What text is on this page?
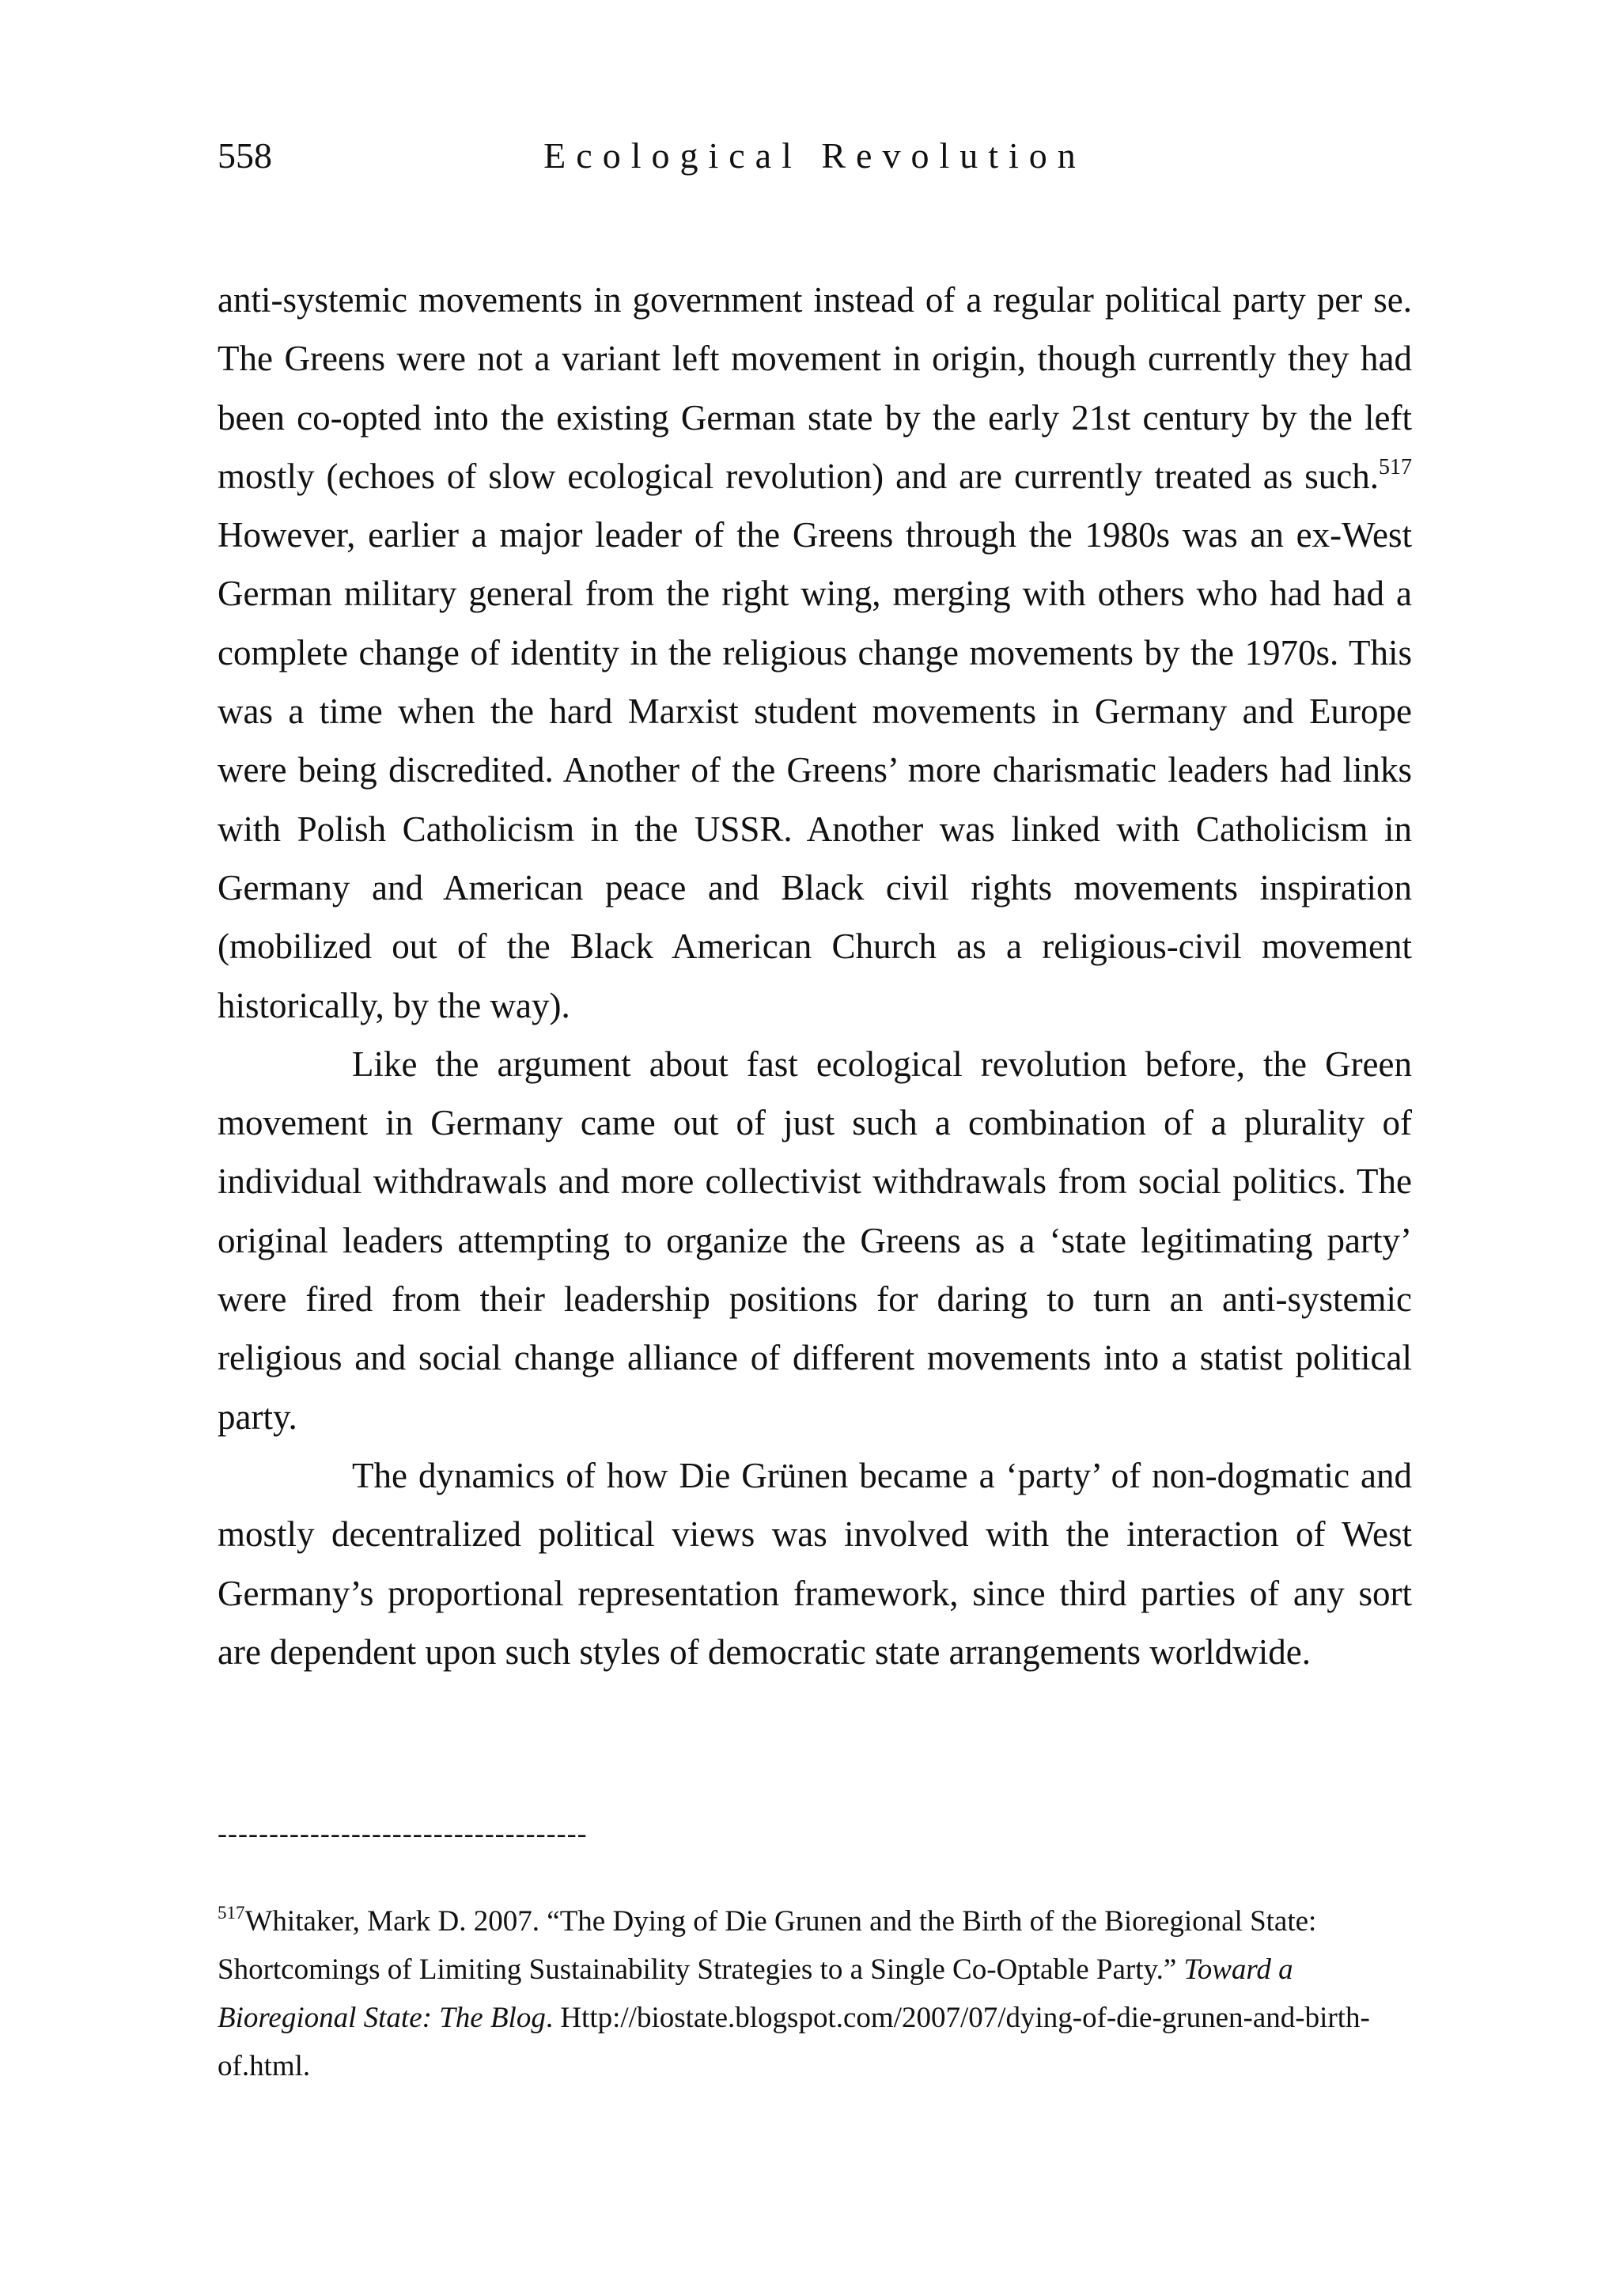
558	Ecological Revolution

anti-systemic movements in government instead of a regular political party per se. The Greens were not a variant left movement in origin, though currently they had been co-opted into the existing German state by the early 21st century by the left mostly (echoes of slow ecological revolution) and are currently treated as such.$^{517}$ However, earlier a major leader of the Greens through the 1980s was an ex-West German military general from the right wing, merging with others who had had a complete change of identity in the religious change movements by the 1970s. This was a time when the hard Marxist student movements in Germany and Europe were being discredited. Another of the Greens’ more charismatic leaders had links with Polish Catholicism in the USSR. Another was linked with Catholicism in Germany and American peace and Black civil rights movements inspiration (mobilized out of the Black American Church as a religious-civil movement historically, by the way).

Like the argument about fast ecological revolution before, the Green movement in Germany came out of just such a combination of a plurality of individual withdrawals and more collectivist withdrawals from social politics. The original leaders attempting to organize the Greens as a ‘state legitimating party’ were fired from their leadership positions for daring to turn an anti-systemic religious and social change alliance of different movements into a statist political party.

The dynamics of how Die Grünen became a ‘party’ of non-dogmatic and mostly decentralized political views was involved with the interaction of West Germany’s proportional representation framework, since third parties of any sort are dependent upon such styles of democratic state arrangements worldwide.

------------------------------------

$^{517}$Whitaker, Mark D. 2007. “The Dying of Die Grunen and the Birth of the Bioregional State: Shortcomings of Limiting Sustainability Strategies to a Single Co-Optable Party.” Toward a Bioregional State: The Blog. Http://biostate.blogspot.com/2007/07/dying-of-die-grunen-and-birth-of.html.
